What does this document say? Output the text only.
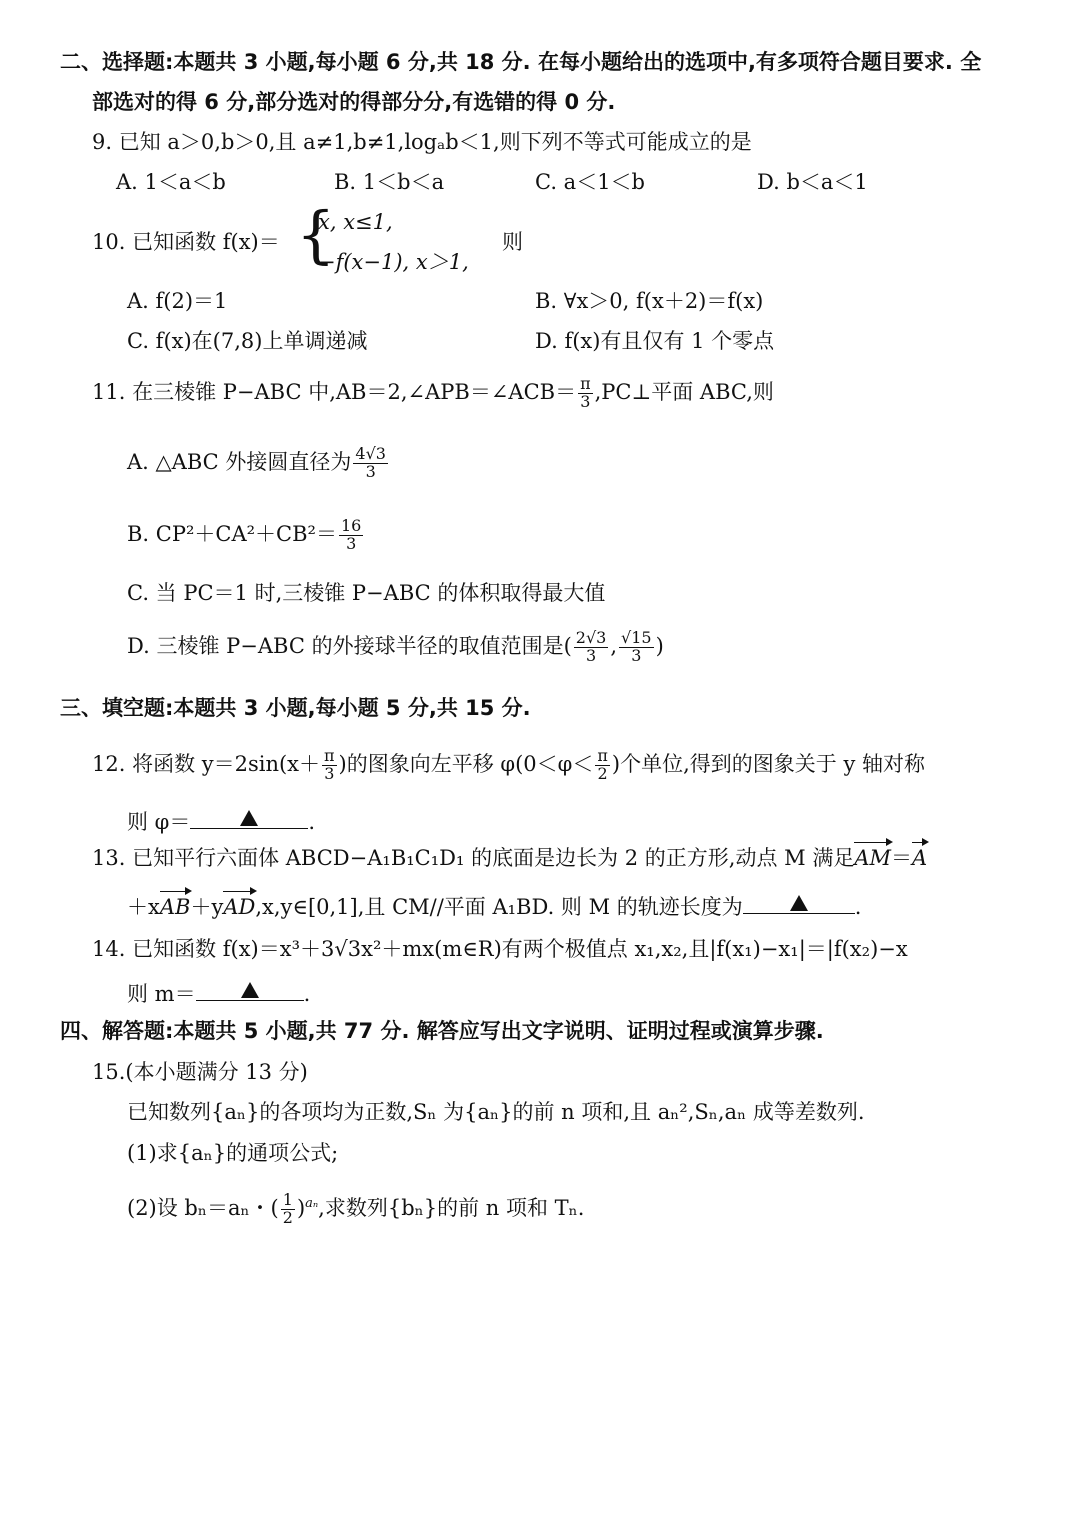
二、选择题:本题共 3 小题,每小题 6 分,共 18 分. 在每小题给出的选项中,有多项符合题目要求. 全
部选对的得 6 分,部分选对的得部分分,有选错的得 0 分.
9. 已知 a＞0,b＞0,且 a≠1,b≠1,logₐb＜1,则下列不等式可能成立的是
A. 1＜a＜b	B. 1＜b＜a	C. a＜1＜b	D. b＜a＜1
10. 已知函数 f(x)＝ {
x, x≤1,
−f(x−1), x＞1,
则
A. f(2)＝1	B. ∀x＞0, f(x＋2)＝f(x)
C. f(x)在(7,8)上单调递减	D. f(x)有且仅有 1 个零点
11. 在三棱锥 P−ABC 中,AB＝2,∠APB＝∠ACB＝ $\frac{\pi}{3}$ ,PC⊥平面 ABC,则
A. △ABC 外接圆直径为 $\frac{4√3}{3}$
B. $CP^2+CA^2+CB^2= \frac{16}{3}$
C. 当 PC＝1 时,三棱锥 P−ABC 的体积取得最大值
D. 三棱锥 P−ABC 的外接球半径的取值范围是( $\frac{2√3}{3}$ , $\frac{√15}{3}$ )
三、填空题:本题共 3 小题,每小题 5 分,共 15 分.
12. 将函数 $y=2\sin(x+ \frac{\pi}{3}$ )的图象向左平移 $\varphi(0<\varphi< \frac{\pi}{2}$ )个单位,得到的图象关于 y 轴对称
则 φ＝	.
13. 已知平行六面体 ABCD−A₁B₁C₁D₁ 的底面是边长为 2 的正方形,动点 M 满足AM＝A
＋xAB＋yAD,x,y∈[0,1],且 CM//平面 A₁BD. 则 M 的轨迹长度为	.
14. 已知函数 f(x)＝x³＋3√3x²＋mx(m∈R)有两个极值点 x₁,x₂,且|f(x₁)−x₁|＝|f(x₂)−x
则 m＝	.
四、解答题:本题共 5 小题,共 77 分. 解答应写出文字说明、证明过程或演算步骤.
15.(本小题满分 13 分)
已知数列{aₙ}的各项均为正数,Sₙ 为{aₙ}的前 n 项和,且 aₙ²,Sₙ,aₙ 成等差数列.
(1)求{aₙ}的通项公式;
(2)设 bₙ＝aₙ・( $\frac{1}{2} )^{a_n}$,求数列{bₙ}的前 n 项和 Tₙ.
